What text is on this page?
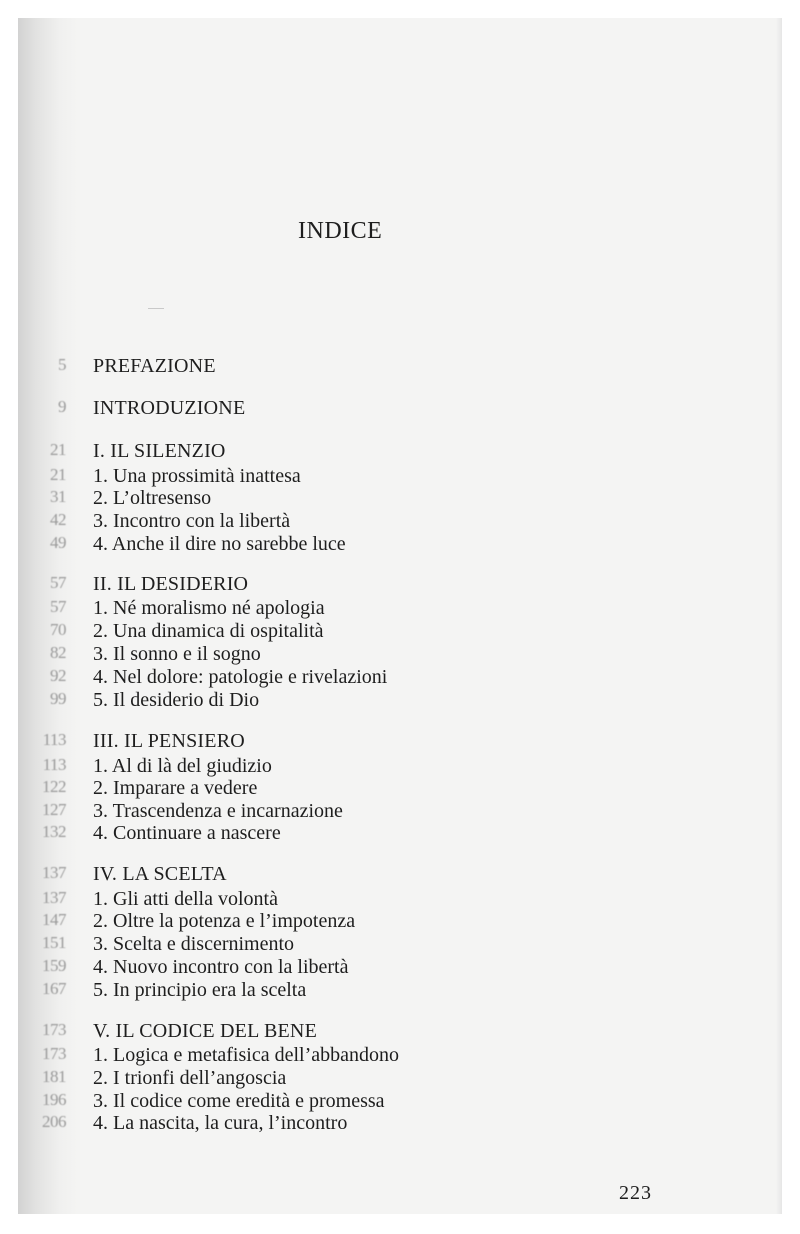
INDICE
5 PREFAZIONE
9 INTRODUZIONE
21 I. IL SILENZIO
21 1. Una prossimità inattesa
31 2. L’oltresenso
42 3. Incontro con la libertà
49 4. Anche il dire no sarebbe luce
57 II. IL DESIDERIO
57 1. Né moralismo né apologia
70 2. Una dinamica di ospitalità
82 3. Il sonno e il sogno
92 4. Nel dolore: patologie e rivelazioni
99 5. Il desiderio di Dio
113 III. IL PENSIERO
113 1. Al di là del giudizio
122 2. Imparare a vedere
127 3. Trascendenza e incarnazione
132 4. Continuare a nascere
137 IV. LA SCELTA
137 1. Gli atti della volontà
147 2. Oltre la potenza e l’impotenza
151 3. Scelta e discernimento
159 4. Nuovo incontro con la libertà
167 5. In principio era la scelta
173 V. IL CODICE DEL BENE
173 1. Logica e metafisica dell’abbandono
181 2. I trionfi dell’angoscia
196 3. Il codice come eredità e promessa
206 4. La nascita, la cura, l’incontro
223
